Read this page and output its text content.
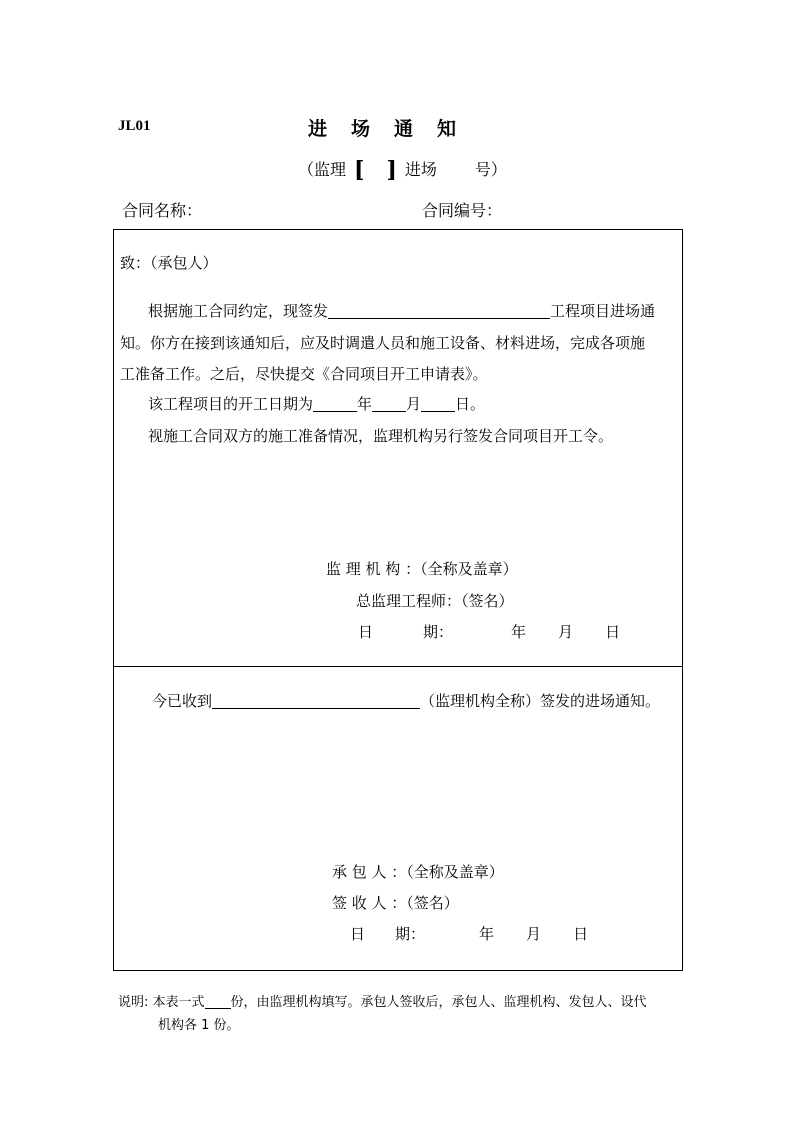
JL01	进场通知
（监理 [ ] 进场 号）
合同名称：	合同编号：
致：（承包人）
根据施工合同约定，现签发	工程项目进场通
知。你方在接到该通知后，应及时调遣人员和施工设备、材料进场，完成各项施
工准备工作。之后，尽快提交《合同项目开工申请表》。
该工程项目的开工日期为	年 月 日。
视施工合同双方的施工准备情况，监理机构另行签发合同项目开工令。
监 理 机 构 ：（全称及盖章）
总监理工程师：（签名）
日	期：	年 月 日
今已收到	（监理机构全称）签发的进场通知。
承 包 人 ：（全称及盖章）
签 收 人 ：（签名）
日 期：	年 月 日
说明: 本表一式 份，由监理机构填写。承包人签收后，承包人、监理机构、发包人、设代
机构各 1 份。
